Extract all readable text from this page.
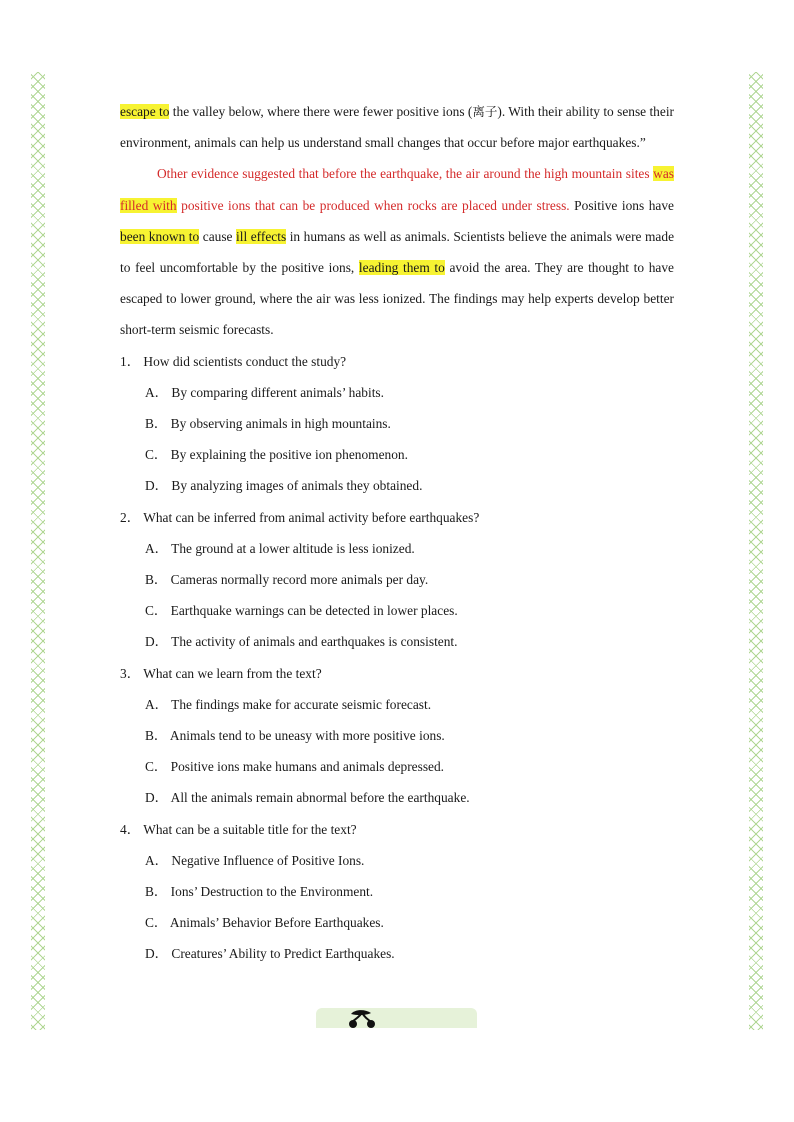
escape to the valley below, where there were fewer positive ions (离子). With their ability to sense their environment, animals can help us understand small changes that occur before major earthquakes.”

Other evidence suggested that before the earthquake, the air around the high mountain sites was filled with positive ions that can be produced when rocks are placed under stress. Positive ions have been known to cause ill effects in humans as well as animals. Scientists believe the animals were made to feel uncomfortable by the positive ions, leading them to avoid the area. They are thought to have escaped to lower ground, where the air was less ionized. The findings may help experts develop better short-term seismic forecasts.

1． How did scientists conduct the study?

A． By comparing different animals’ habits.

B． By observing animals in high mountains.

C． By explaining the positive ion phenomenon.

D． By analyzing images of animals they obtained.

2． What can be inferred from animal activity before earthquakes?

A． The ground at a lower altitude is less ionized.

B． Cameras normally record more animals per day.

C． Earthquake warnings can be detected in lower places.

D． The activity of animals and earthquakes is consistent.

3． What can we learn from the text?

A． The findings make for accurate seismic forecast.

B． Animals tend to be uneasy with more positive ions.

C． Positive ions make humans and animals depressed.

D． All the animals remain abnormal before the earthquake.

4． What can be a suitable title for the text?

A． Negative Influence of Positive Ions.

B． Ions’ Destruction to the Environment.

C． Animals’ Behavior Before Earthquakes.

D． Creatures’ Ability to Predict Earthquakes.
